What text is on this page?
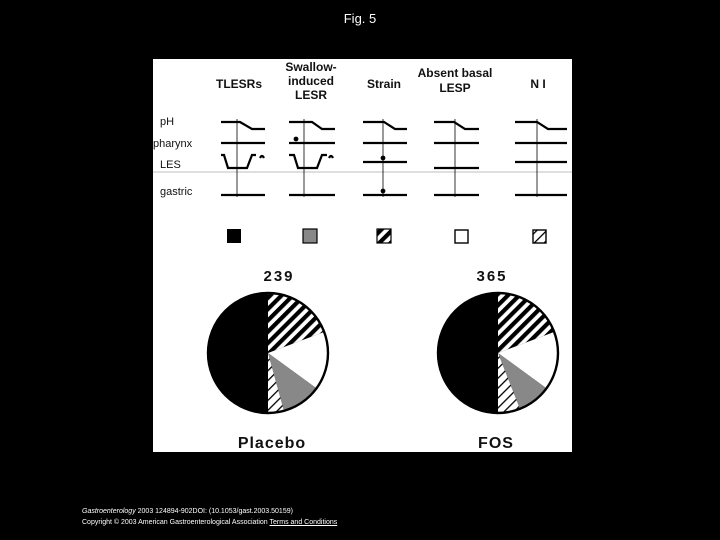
Fig. 5
TLESRs
Swallow-
induced
LESR
Strain
Absent basal
LESP	N I
pH
pharynx
LES
gastric
239	365
Placebo	FOS
Gastroenterology 2003 124894-902DOI: (10.1053/gast.2003.50159)
Copyright © 2003 American Gastroenterological Association Terms and Conditions
